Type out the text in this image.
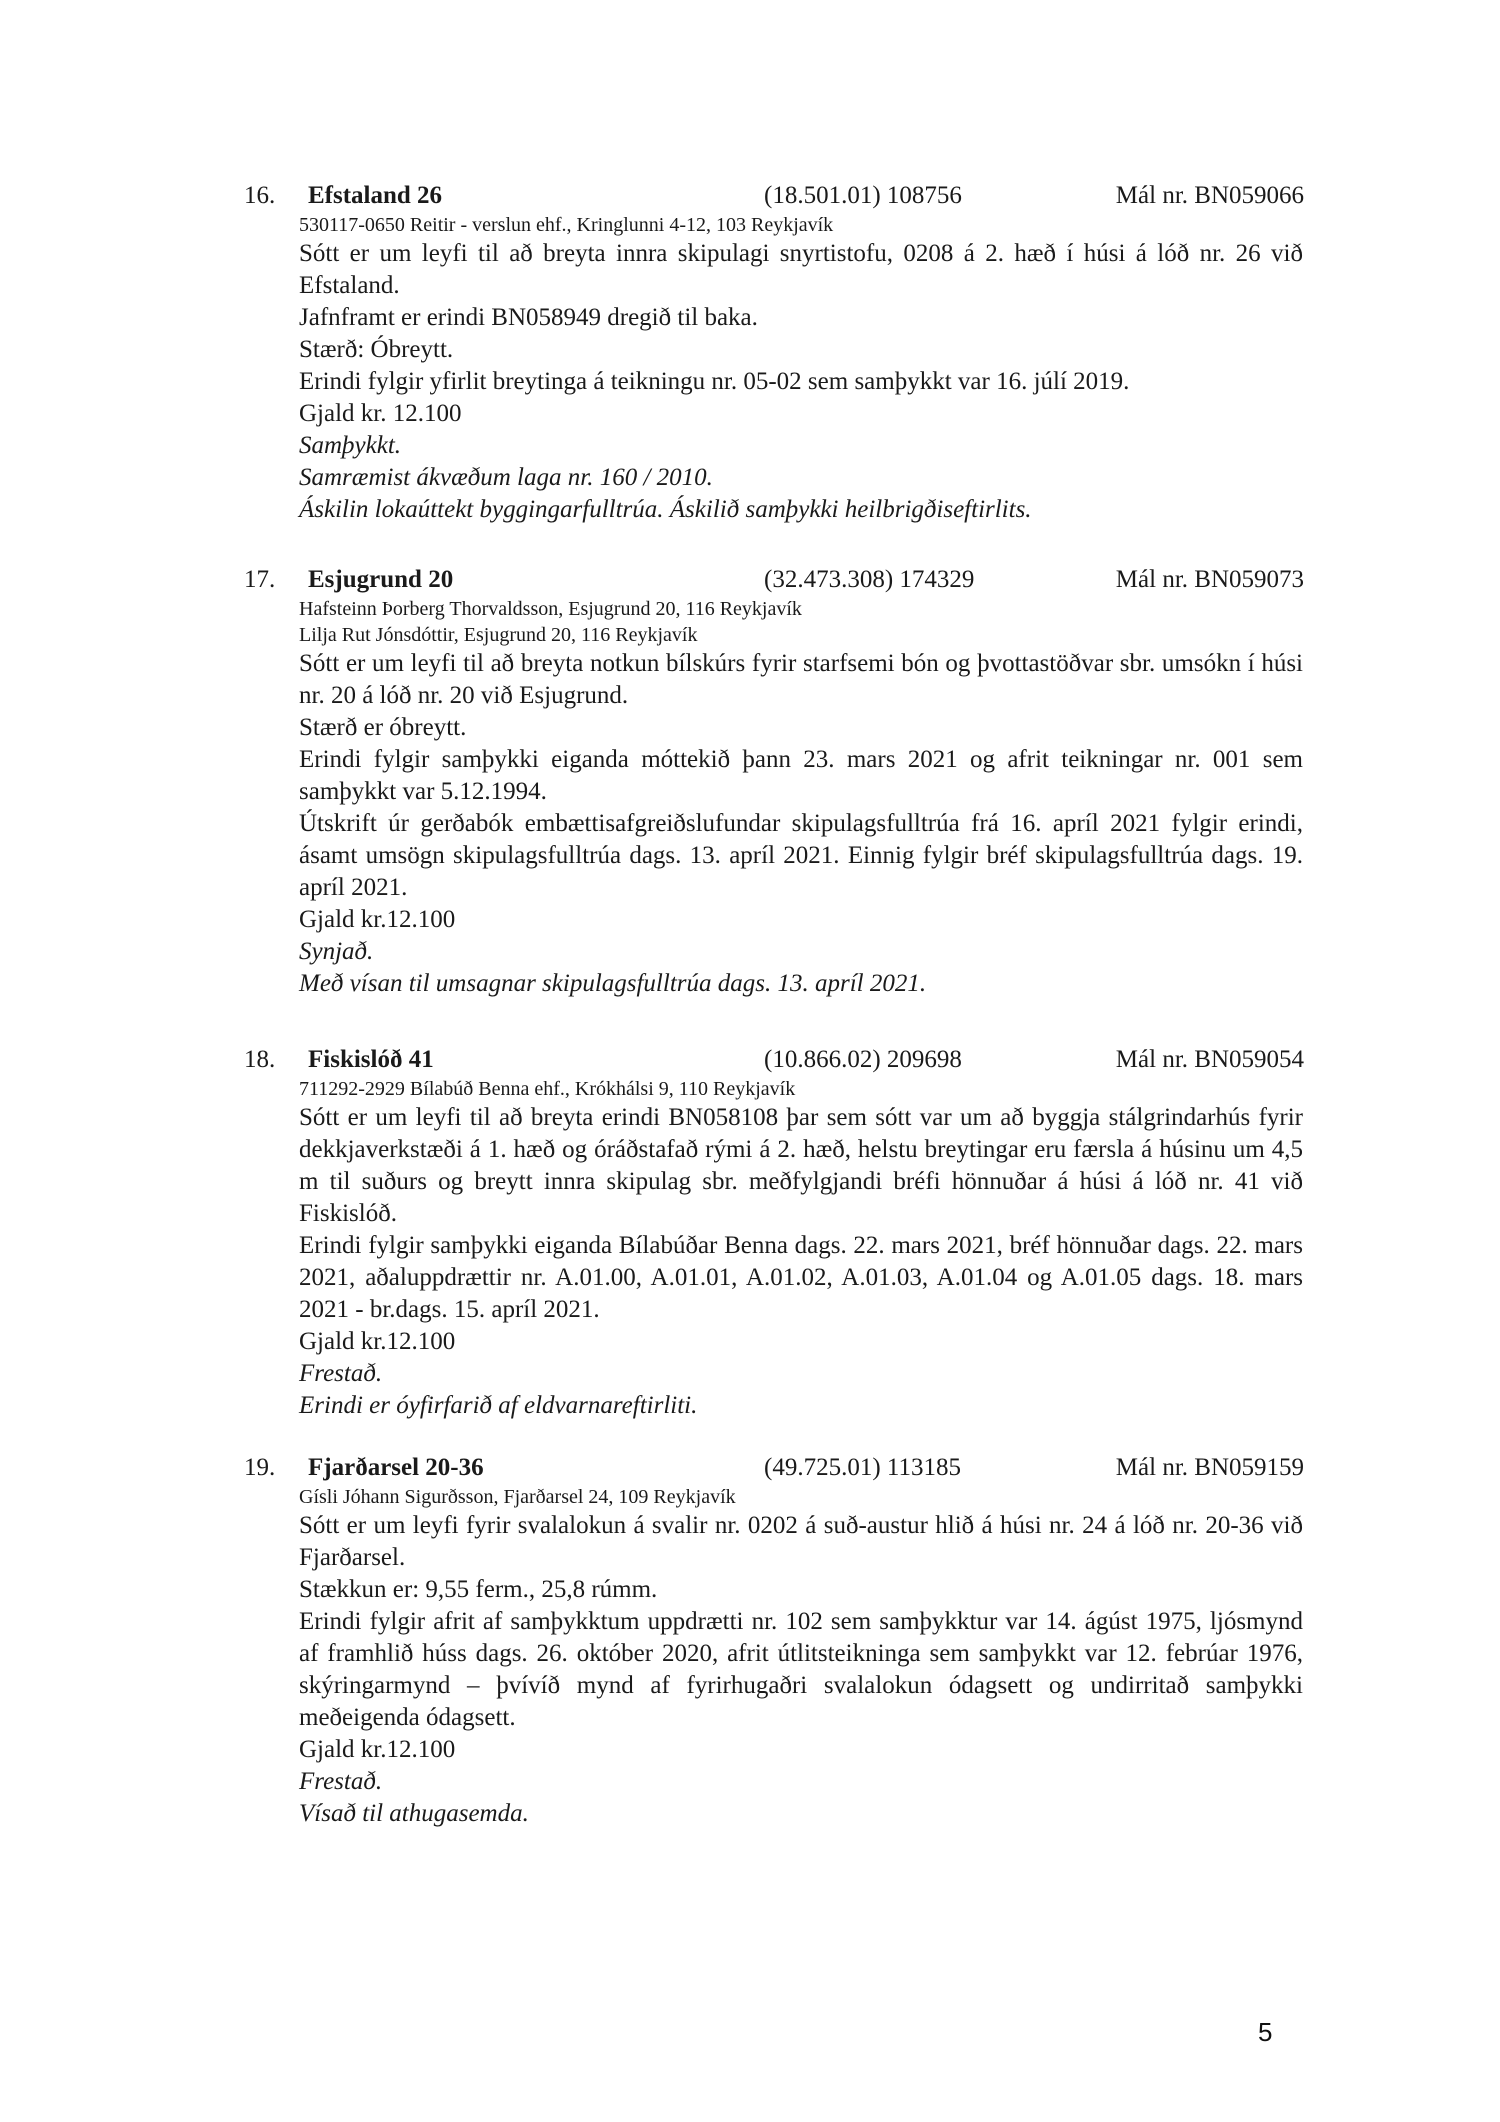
16. Efstaland 26	(18.501.01) 108756	Mál nr. BN059066
530117-0650 Reitir - verslun ehf., Kringlunni 4-12, 103 Reykjavík
Sótt er um leyfi til að breyta innra skipulagi snyrtistofu, 0208 á 2. hæð í húsi á lóð nr. 26 við Efstaland.
Jafnframt er erindi BN058949 dregið til baka.
Stærð: Óbreytt.
Erindi fylgir yfirlit breytinga á teikningu nr. 05-02 sem samþykkt var 16. júlí 2019.
Gjald kr. 12.100
Samþykkt.
Samræmist ákvæðum laga nr. 160 / 2010.
Áskilin lokaúttekt byggingarfulltrúa. Áskilið samþykki heilbrigðiseftirlits.
17. Esjugrund 20	(32.473.308) 174329	Mál nr. BN059073
Hafsteinn Þorberg Thorvaldsson, Esjugrund 20, 116 Reykjavík
Lilja Rut Jónsdóttir, Esjugrund 20, 116 Reykjavík
Sótt er um leyfi til að breyta notkun bílskúrs fyrir starfsemi bón og þvottastöðvar sbr. umsókn í húsi nr. 20 á lóð nr. 20 við Esjugrund.
Stærð er óbreytt.
Erindi fylgir samþykki eiganda móttekið þann 23. mars 2021 og afrit teikningar nr. 001 sem samþykkt var 5.12.1994.
Útskrift úr gerðabók embættisafgreiðslufundar skipulagsfulltrúa frá 16. apríl 2021 fylgir erindi, ásamt umsögn skipulagsfulltrúa dags. 13. apríl 2021. Einnig fylgir bréf skipulagsfulltrúa dags. 19. apríl 2021.
Gjald kr.12.100
Synjað.
Með vísan til umsagnar skipulagsfulltrúa dags. 13. apríl 2021.
18. Fiskislóð 41	(10.866.02) 209698	Mál nr. BN059054
711292-2929 Bílabúð Benna ehf., Krókhálsi 9, 110 Reykjavík
Sótt er um leyfi til að breyta erindi BN058108 þar sem sótt var um að byggja stálgrindarhús fyrir dekkjaverkstæði á 1. hæð og óráðstafað rými á 2. hæð, helstu breytingar eru færsla á húsinu um 4,5 m til suðurs og breytt innra skipulag sbr. meðfylgjandi bréfi hönnuðar á húsi á lóð nr. 41 við Fiskislóð.
Erindi fylgir samþykki eiganda Bílabúðar Benna dags. 22. mars 2021, bréf hönnuðar dags. 22. mars 2021, aðaluppdrættir nr. A.01.00, A.01.01, A.01.02, A.01.03, A.01.04 og A.01.05 dags. 18. mars 2021 - br.dags. 15. apríl 2021.
Gjald kr.12.100
Frestað.
Erindi er óyfirfarið af eldvarnareftirliti.
19. Fjarðarsel 20-36	(49.725.01) 113185	Mál nr. BN059159
Gísli Jóhann Sigurðsson, Fjarðarsel 24, 109 Reykjavík
Sótt er um leyfi fyrir svalalokun á svalir nr. 0202 á suð-austur hlið á húsi nr. 24 á lóð nr. 20-36 við Fjarðarsel.
Stækkun er: 9,55 ferm., 25,8 rúmm.
Erindi fylgir afrit af samþykktum uppdrætti nr. 102 sem samþykktur var 14. ágúst 1975, ljósmynd af framhlið húss dags. 26. október 2020, afrit útlitsteikninga sem samþykkt var 12. febrúar 1976, skýringarmynd – þvívíð mynd af fyrirhugaðri svalalokun ódagsett og undirritað samþykki meðeigenda ódagsett.
Gjald kr.12.100
Frestað.
Vísað til athugasemda.
5
